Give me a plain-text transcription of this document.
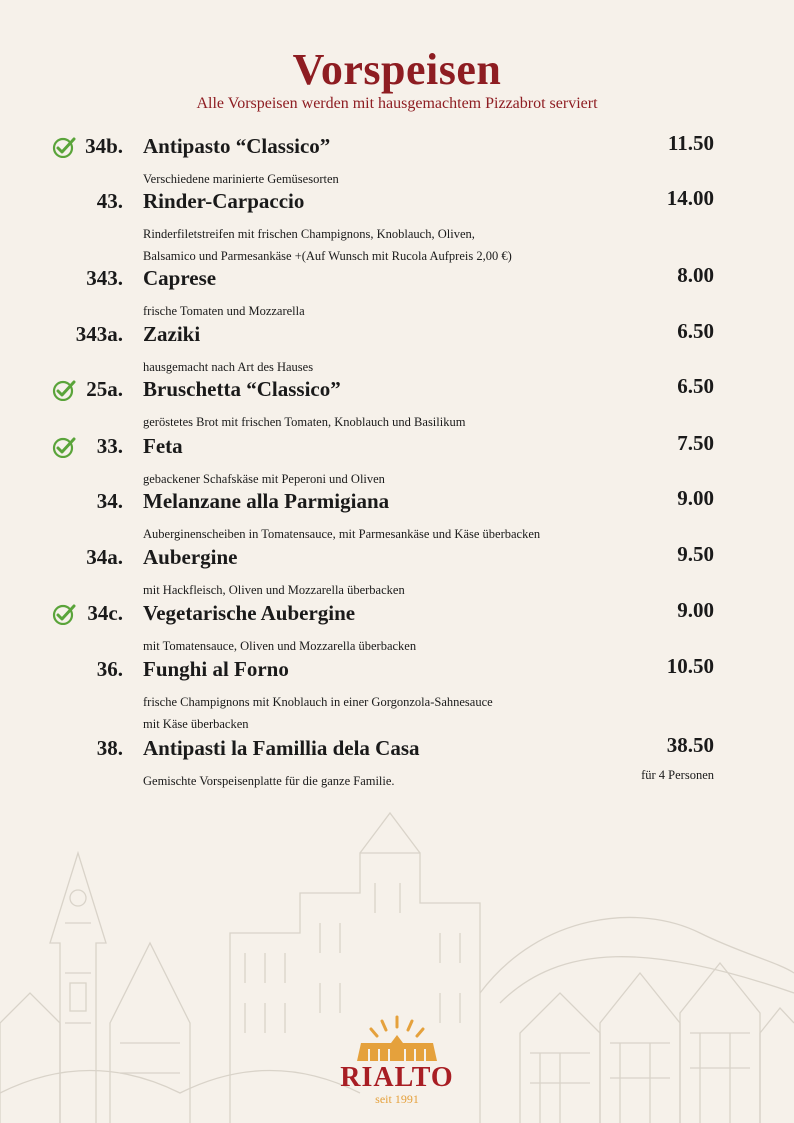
Vorspeisen
Alle Vorspeisen werden mit hausgemachtem Pizzabrot serviert
34b. Antipasto “Classico”	11.50
Verschiedene marinierte Gemüsesorten
43. Rinder-Carpaccio	14.00
Rinderfiletstreifen mit frischen Champignons, Knoblauch, Oliven,
Balsamico und Parmesankäse +(Auf Wunsch mit Rucola Aufpreis 2,00 €)
343. Caprese	8.00
frische Tomaten und Mozzarella
343a. Zaziki	6.50
hausgemacht nach Art des Hauses
25a. Bruschetta “Classico”	6.50
geröstetes Brot mit frischen Tomaten, Knoblauch und Basilikum
33. Feta	7.50
gebackener Schafskäse mit Peperoni und Oliven
34. Melanzane alla Parmigiana	9.00
Auberginenscheiben in Tomatensauce, mit Parmesankäse und Käse überbacken
34a. Aubergine	9.50
mit Hackfleisch, Oliven und Mozzarella überbacken
34c. Vegetarische Aubergine	9.00
mit Tomatensauce, Oliven und Mozzarella überbacken
36. Funghi al Forno	10.50
frische Champignons mit Knoblauch in einer Gorgonzola-Sahnesauce
mit Käse überbacken
38. Antipasti la Famillia dela Casa	38.50
Gemischte Vorspeisenplatte für die ganze Familie.	für 4 Personen
RIALTO
seit 1991
